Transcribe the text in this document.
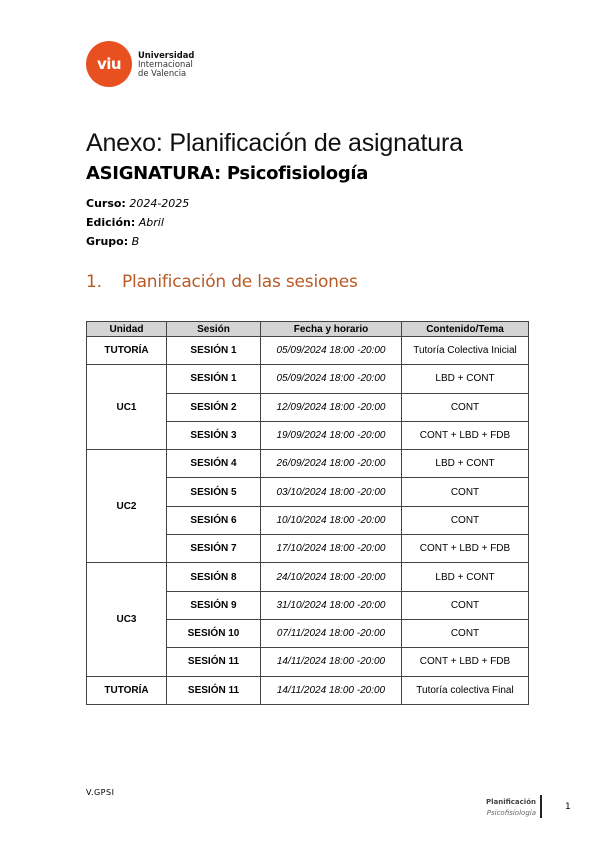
viu
Universidad
Internacional
de Valencia
Anexo: Planificación de asignatura
ASIGNATURA: Psicofisiología
Curso: 2024-2025
Edición: Abril
Grupo: B
1. Planificación de las sesiones
Unidad	Sesión	Fecha y horario	Contenido/Tema
TUTORÍA	SESIÓN 1	05/09/2024 18:00 -20:00	Tutoría Colectiva Inicial
UC1	SESIÓN 1	05/09/2024 18:00 -20:00	LBD + CONT
	SESIÓN 2	12/09/2024 18:00 -20:00	CONT
	SESIÓN 3	19/09/2024 18:00 -20:00	CONT + LBD + FDB
UC2	SESIÓN 4	26/09/2024 18:00 -20:00	LBD + CONT
	SESIÓN 5	03/10/2024 18:00 -20:00	CONT
	SESIÓN 6	10/10/2024 18:00 -20:00	CONT
	SESIÓN 7	17/10/2024 18:00 -20:00	CONT + LBD + FDB
UC3	SESIÓN 8	24/10/2024 18:00 -20:00	LBD + CONT
	SESIÓN 9	31/10/2024 18:00 -20:00	CONT
	SESIÓN 10	07/11/2024 18:00 -20:00	CONT
	SESIÓN 11	14/11/2024 18:00 -20:00	CONT + LBD + FDB
TUTORÍA	SESIÓN 11	14/11/2024 18:00 -20:00	Tutoría colectiva Final
V.GPSI
Planificación
Psicofisiología
1
